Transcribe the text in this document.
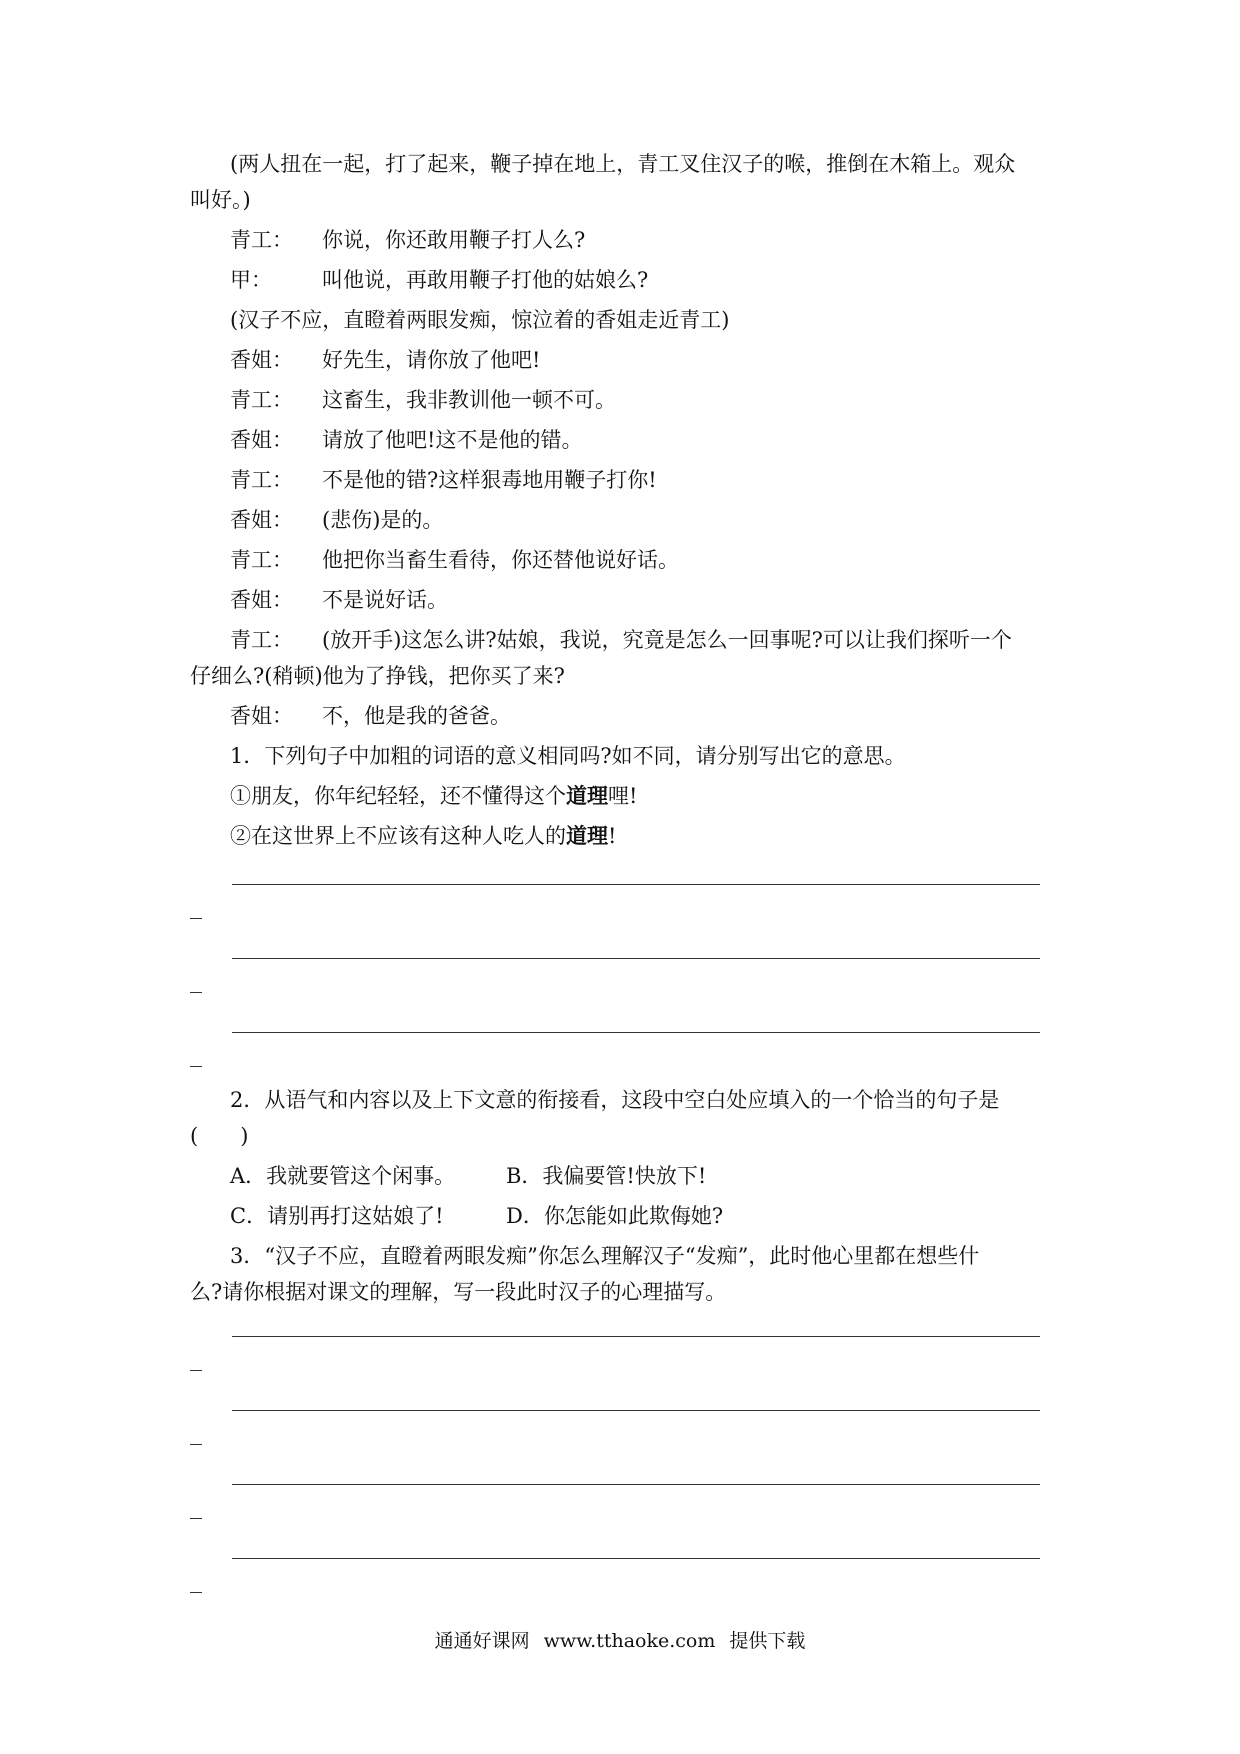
(两人扭在一起，打了起来，鞭子掉在地上，青工叉住汉子的喉，推倒在木箱上。观众
叫好。)
青工： 你说，你还敢用鞭子打人么?
甲： 叫他说，再敢用鞭子打他的姑娘么?
(汉子不应，直瞪着两眼发痴，惊泣着的香姐走近青工)
香姐： 好先生，请你放了他吧!
青工： 这畜生，我非教训他一顿不可。
香姐： 请放了他吧!这不是他的错。
青工： 不是他的错?这样狠毒地用鞭子打你!
香姐： (悲伤)是的。
青工： 他把你当畜生看待，你还替他说好话。
香姐： 不是说好话。
青工： (放开手)这怎么讲?姑娘，我说，究竟是怎么一回事呢?可以让我们探听一个
仔细么?(稍顿)他为了挣钱，把你买了来?
香姐： 不，他是我的爸爸。
1．下列句子中加粗的词语的意义相同吗?如不同，请分别写出它的意思。
①朋友，你年纪轻轻，还不懂得这个道理哩!
②在这世界上不应该有这种人吃人的道理!
2．从语气和内容以及上下文意的衔接看，这段中空白处应填入的一个恰当的句子是
(　　)
A．我就要管这个闲事。 B．我偏要管!快放下!
C．请别再打这姑娘了!	D．你怎能如此欺侮她?
3．“汉子不应，直瞪着两眼发痴”你怎么理解汉子“发痴”，此时他心里都在想些什
么?请你根据对课文的理解，写一段此时汉子的心理描写。
通通好课网 www.tthaoke.com 提供下载
